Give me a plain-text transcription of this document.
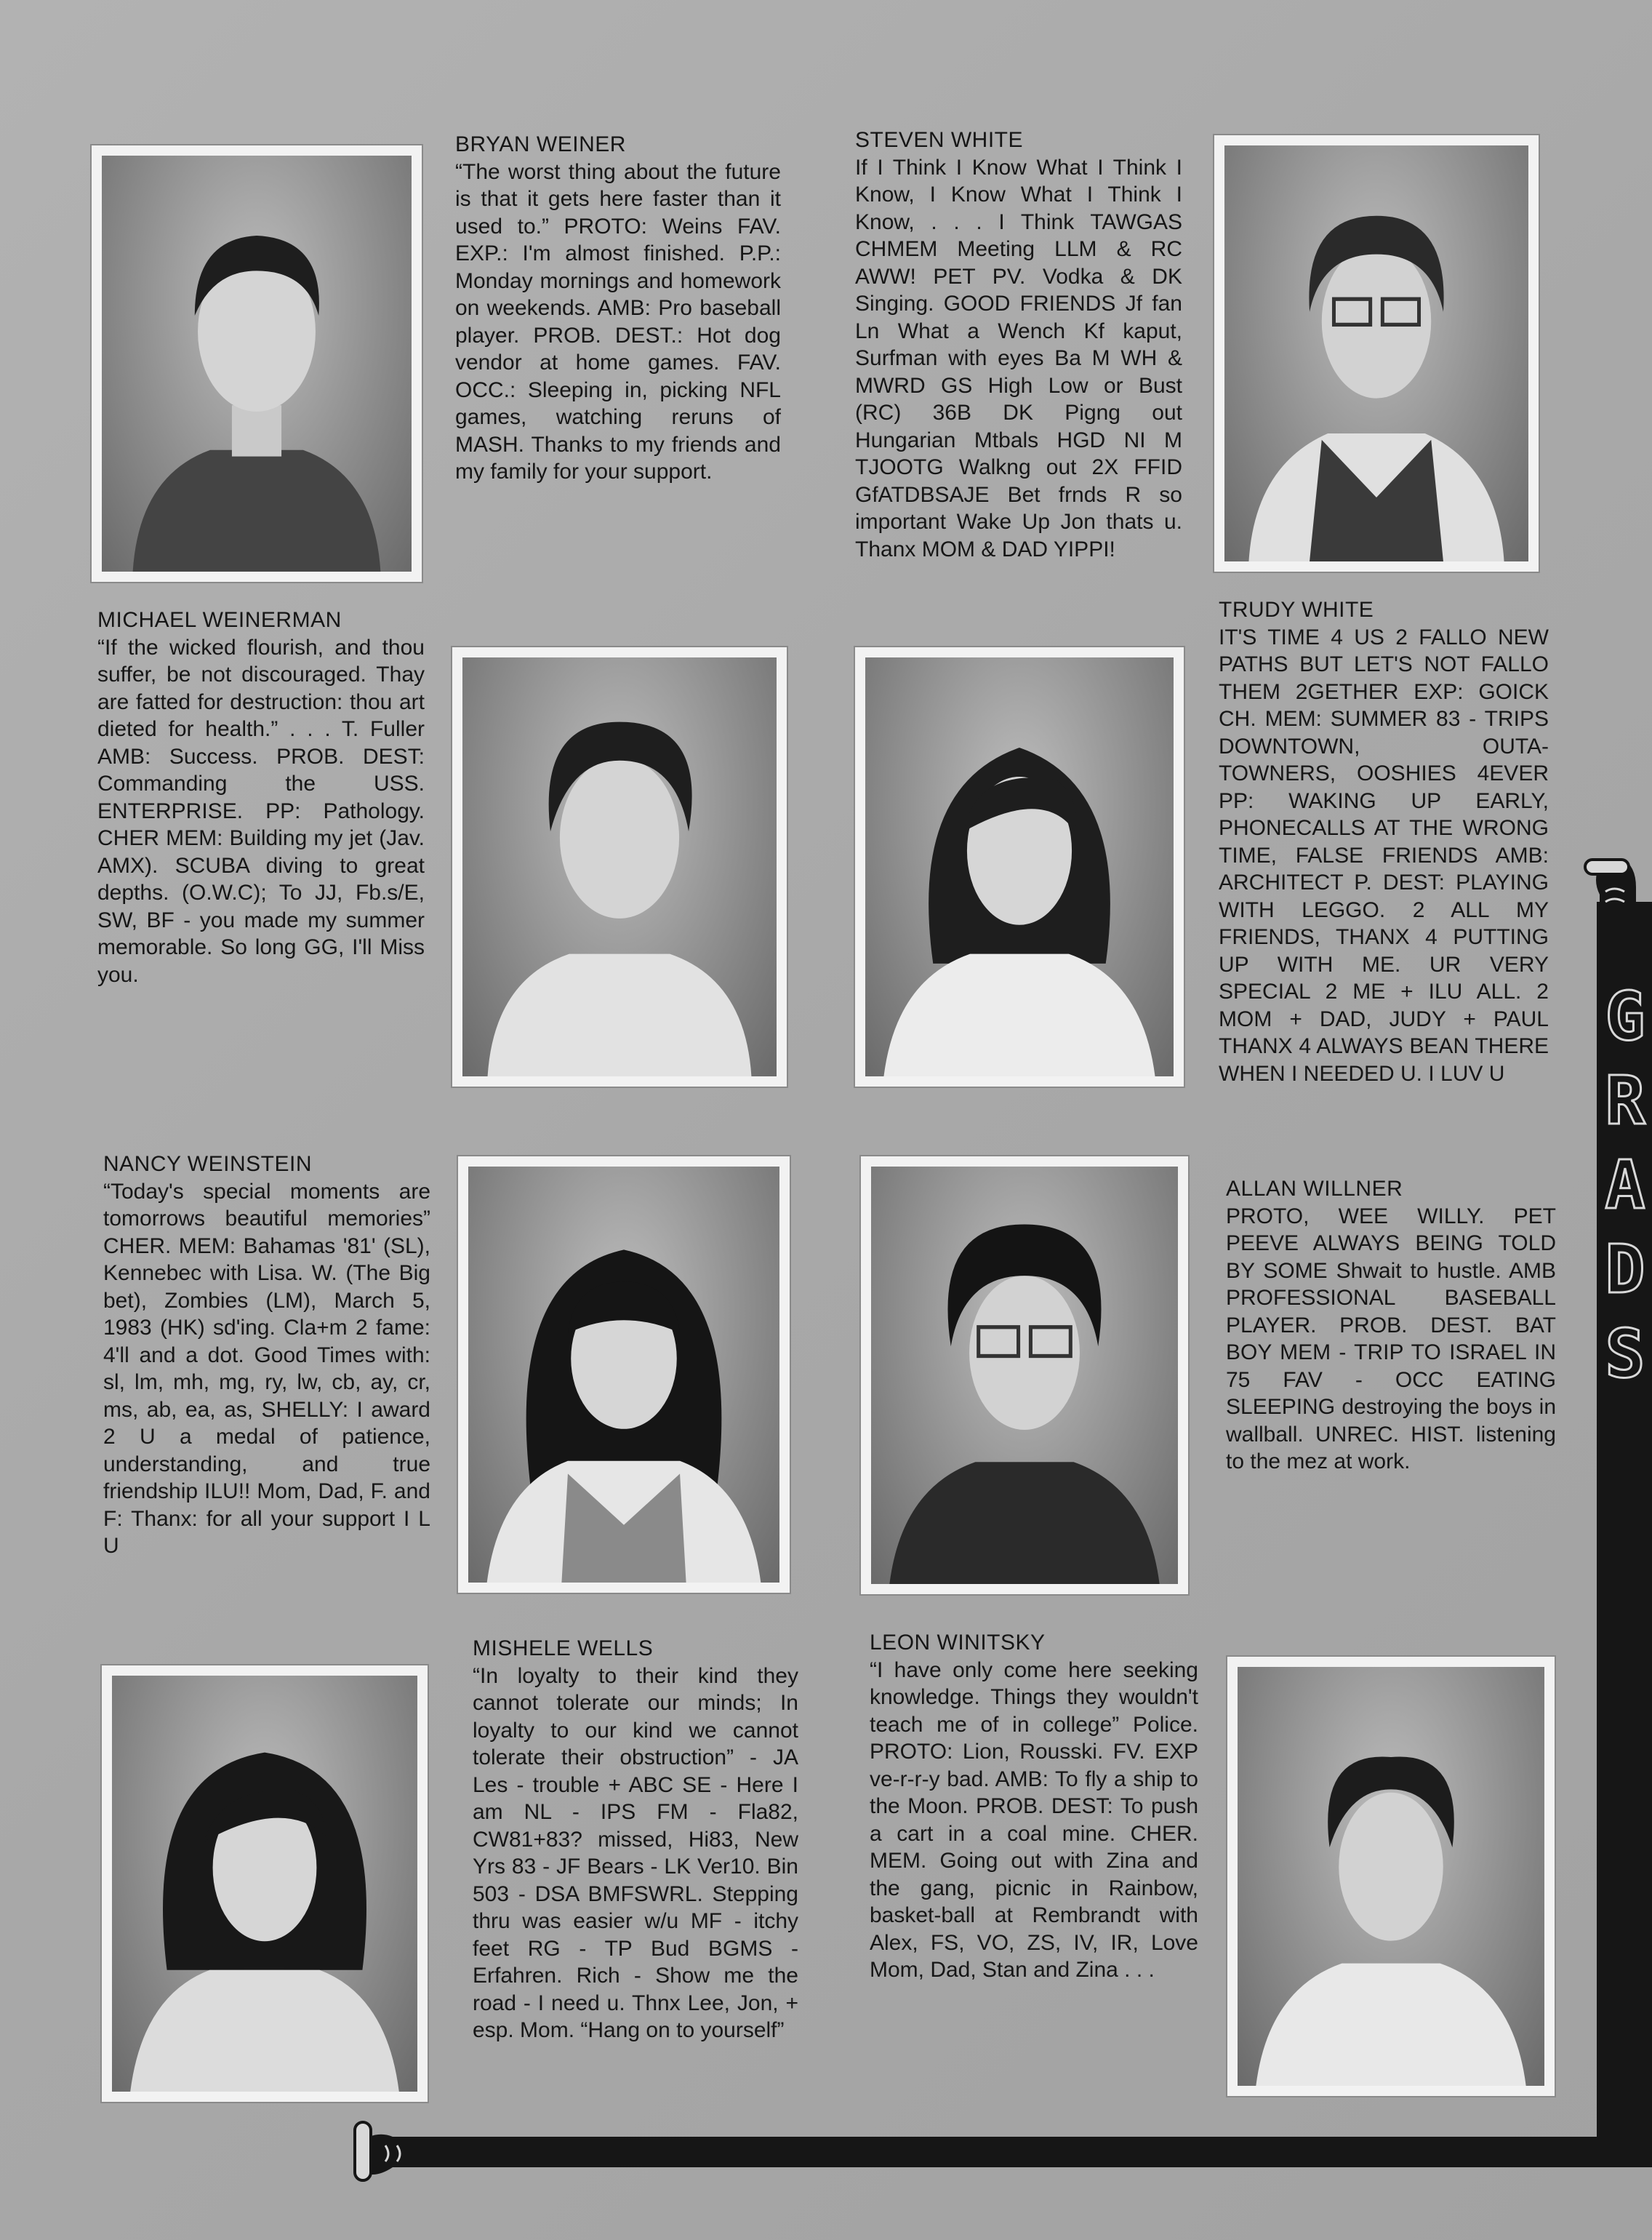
BRYAN WEINER
“The worst thing about the future is that it gets here faster than it used to.” PROTO: Weins FAV. EXP.: I'm almost finished. P.P.: Monday mornings and homework on weekends. AMB: Pro baseball player. PROB. DEST.: Hot dog vendor at home games. FAV. OCC.: Sleeping in, picking NFL games, watching reruns of MASH. Thanks to my friends and my family for your support.
STEVEN WHITE
If I Think I Know What I Think I Know, I Know What I Think I Know, . . . I Think TAWGAS CHMEM Meeting LLM & RC AWW! PET PV. Vodka & DK Singing. GOOD FRIENDS Jf fan Ln What a Wench Kf kaput, Surfman with eyes Ba M WH & MWRD GS High Low or Bust (RC) 36B DK Pigng out Hungarian Mtbals HGD NI M TJOOTG Walkng out 2X FFID GfATDBSAJE Bet frnds R so important Wake Up Jon thats u. Thanx MOM & DAD YIPPI!
MICHAEL WEINERMAN
“If the wicked flourish, and thou suffer, be not discouraged. Thay are fatted for destruction: thou art dieted for health.” . . . T. Fuller AMB: Success. PROB. DEST: Commanding the USS. ENTERPRISE. PP: Pathology. CHER MEM: Building my jet (Jav. AMX). SCUBA diving to great depths. (O.W.C); To JJ, Fb.s/E, SW, BF - you made my summer memorable. So long GG, I'll Miss you.
TRUDY WHITE
IT'S TIME 4 US 2 FALLO NEW PATHS BUT LET'S NOT FALLO THEM 2GETHER EXP: GOICK CH. MEM: SUMMER 83 - TRIPS DOWNTOWN, OUTA-TOWNERS, OOSHIES 4EVER PP: WAKING UP EARLY, PHONECALLS AT THE WRONG TIME, FALSE FRIENDS AMB: ARCHITECT P. DEST: PLAYING WITH LEGGO. 2 ALL MY FRIENDS, THANX 4 PUTTING UP WITH ME. UR VERY SPECIAL 2 ME + ILU ALL. 2 MOM + DAD, JUDY + PAUL THANX 4 ALWAYS BEAN THERE WHEN I NEEDED U. I LUV U
NANCY WEINSTEIN
“Today's special moments are tomorrows beautiful memories” CHER. MEM: Bahamas '81' (SL), Kennebec with Lisa. W. (The Big bet), Zombies (LM), March 5, 1983 (HK) sd'ing. Cla+m 2 fame: 4'll and a dot. Good Times with: sl, lm, mh, mg, ry, lw, cb, ay, cr, ms, ab, ea, as, SHELLY: I award 2 U a medal of patience, understanding, and true friendship ILU!! Mom, Dad, F. and F: Thanx: for all your support I L U
ALLAN WILLNER
PROTO, WEE WILLY. PET PEEVE ALWAYS BEING TOLD BY SOME Shwait to hustle. AMB PROFESSIONAL BASEBALL PLAYER. PROB. DEST. BAT BOY MEM - TRIP TO ISRAEL IN 75 FAV - OCC EATING SLEEPING destroying the boys in wallball. UNREC. HIST. listening to the mez at work.
MISHELE WELLS
“In loyalty to their kind they cannot tolerate our minds; In loyalty to our kind we cannot tolerate their obstruction” - JA Les - trouble + ABC SE - Here I am NL - IPS FM - Fla82, CW81+83? missed, Hi83, New Yrs 83 - JF Bears - LK Ver10. Bin 503 - DSA BMFSWRL. Stepping thru was easier w/u MF - itchy feet RG - TP Bud BGMS - Erfahren. Rich - Show me the road - I need u. Thnx Lee, Jon, + esp. Mom. “Hang on to yourself”
LEON WINITSKY
“I have only come here seeking knowledge. Things they wouldn't teach me of in college” Police. PROTO: Lion, Rousski. FV. EXP ve-r-r-y bad. AMB: To fly a ship to the Moon. PROB. DEST: To push a cart in a coal mine. CHER. MEM. Going out with Zina and the gang, picnic in Rainbow, basket-ball at Rembrandt with Alex, FS, VO, ZS, IV, IR, Love Mom, Dad, Stan and Zina . . .
G
R
A
D
S
